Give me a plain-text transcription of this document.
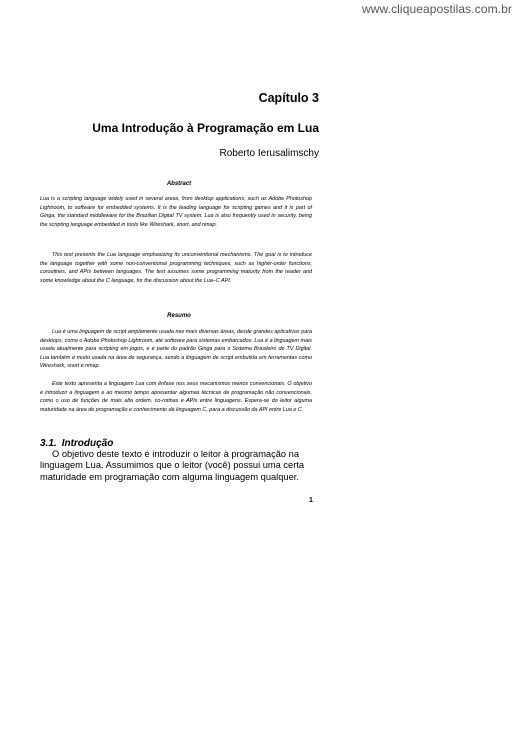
www.cliqueapostilas.com.br
Capítulo 3
Uma Introdução à Programação em Lua
Roberto Ierusalimschy
Abstract

Lua is a scripting language widely used in several areas, from desktop applications, such as Adobe Photoshop Lightroom, to software for embedded systems. It is the leading language for scripting games and it is part of Ginga, the standard middleware for the Brazilian Digital TV system. Lua is also frequently used in security, being the scripting language embedded in tools like Wireshark, snort, and nmap.

This text presents the Lua language emphasizing its unconventional mechanisms. The goal is to introduce the language together with some non-conventional programming techniques, such as higher-order functions, coroutines, and APIs between languages. The text assumes some programming maturity from the reader and some knowledge about the C language, for the discussion about the Lua–C API.

Resumo

Lua é uma linguagem de script amplamente usada nas mais diversas áreas, desde grandes aplicativos para desktops, como o Adobe Photoshop Lightroom, até software para sistemas embarcados. Lua é a linguagem mais usada atualmente para scripting em jogos, e é parte do padrão Ginga para o Sistema Brasileiro de TV Digital. Lua também é muito usada na área de segurança, sendo a linguagem de script embutida em ferramentas como Wireshark, snort e nmap.

Este texto apresenta a linguagem Lua com ênfase nos seus mecanismos menos convencionais. O objetivo é introduzir a linguagem e ao mesmo tempo apresentar algumas técnicas de programação não convencionais, como o uso de funções de mais alta ordem, co-rotinas e APIs entre linguagens. Espera-se do leitor alguma maturidade na área de programação e conhecimento da linguagem C, para a discussão da API entre Lua e C.

3.1. Introdução

O objetivo deste texto é introduzir o leitor à programação na linguagem Lua. Assumimos que o leitor (você) possui uma certa maturidade em programação com alguma linguagem qualquer.

1
